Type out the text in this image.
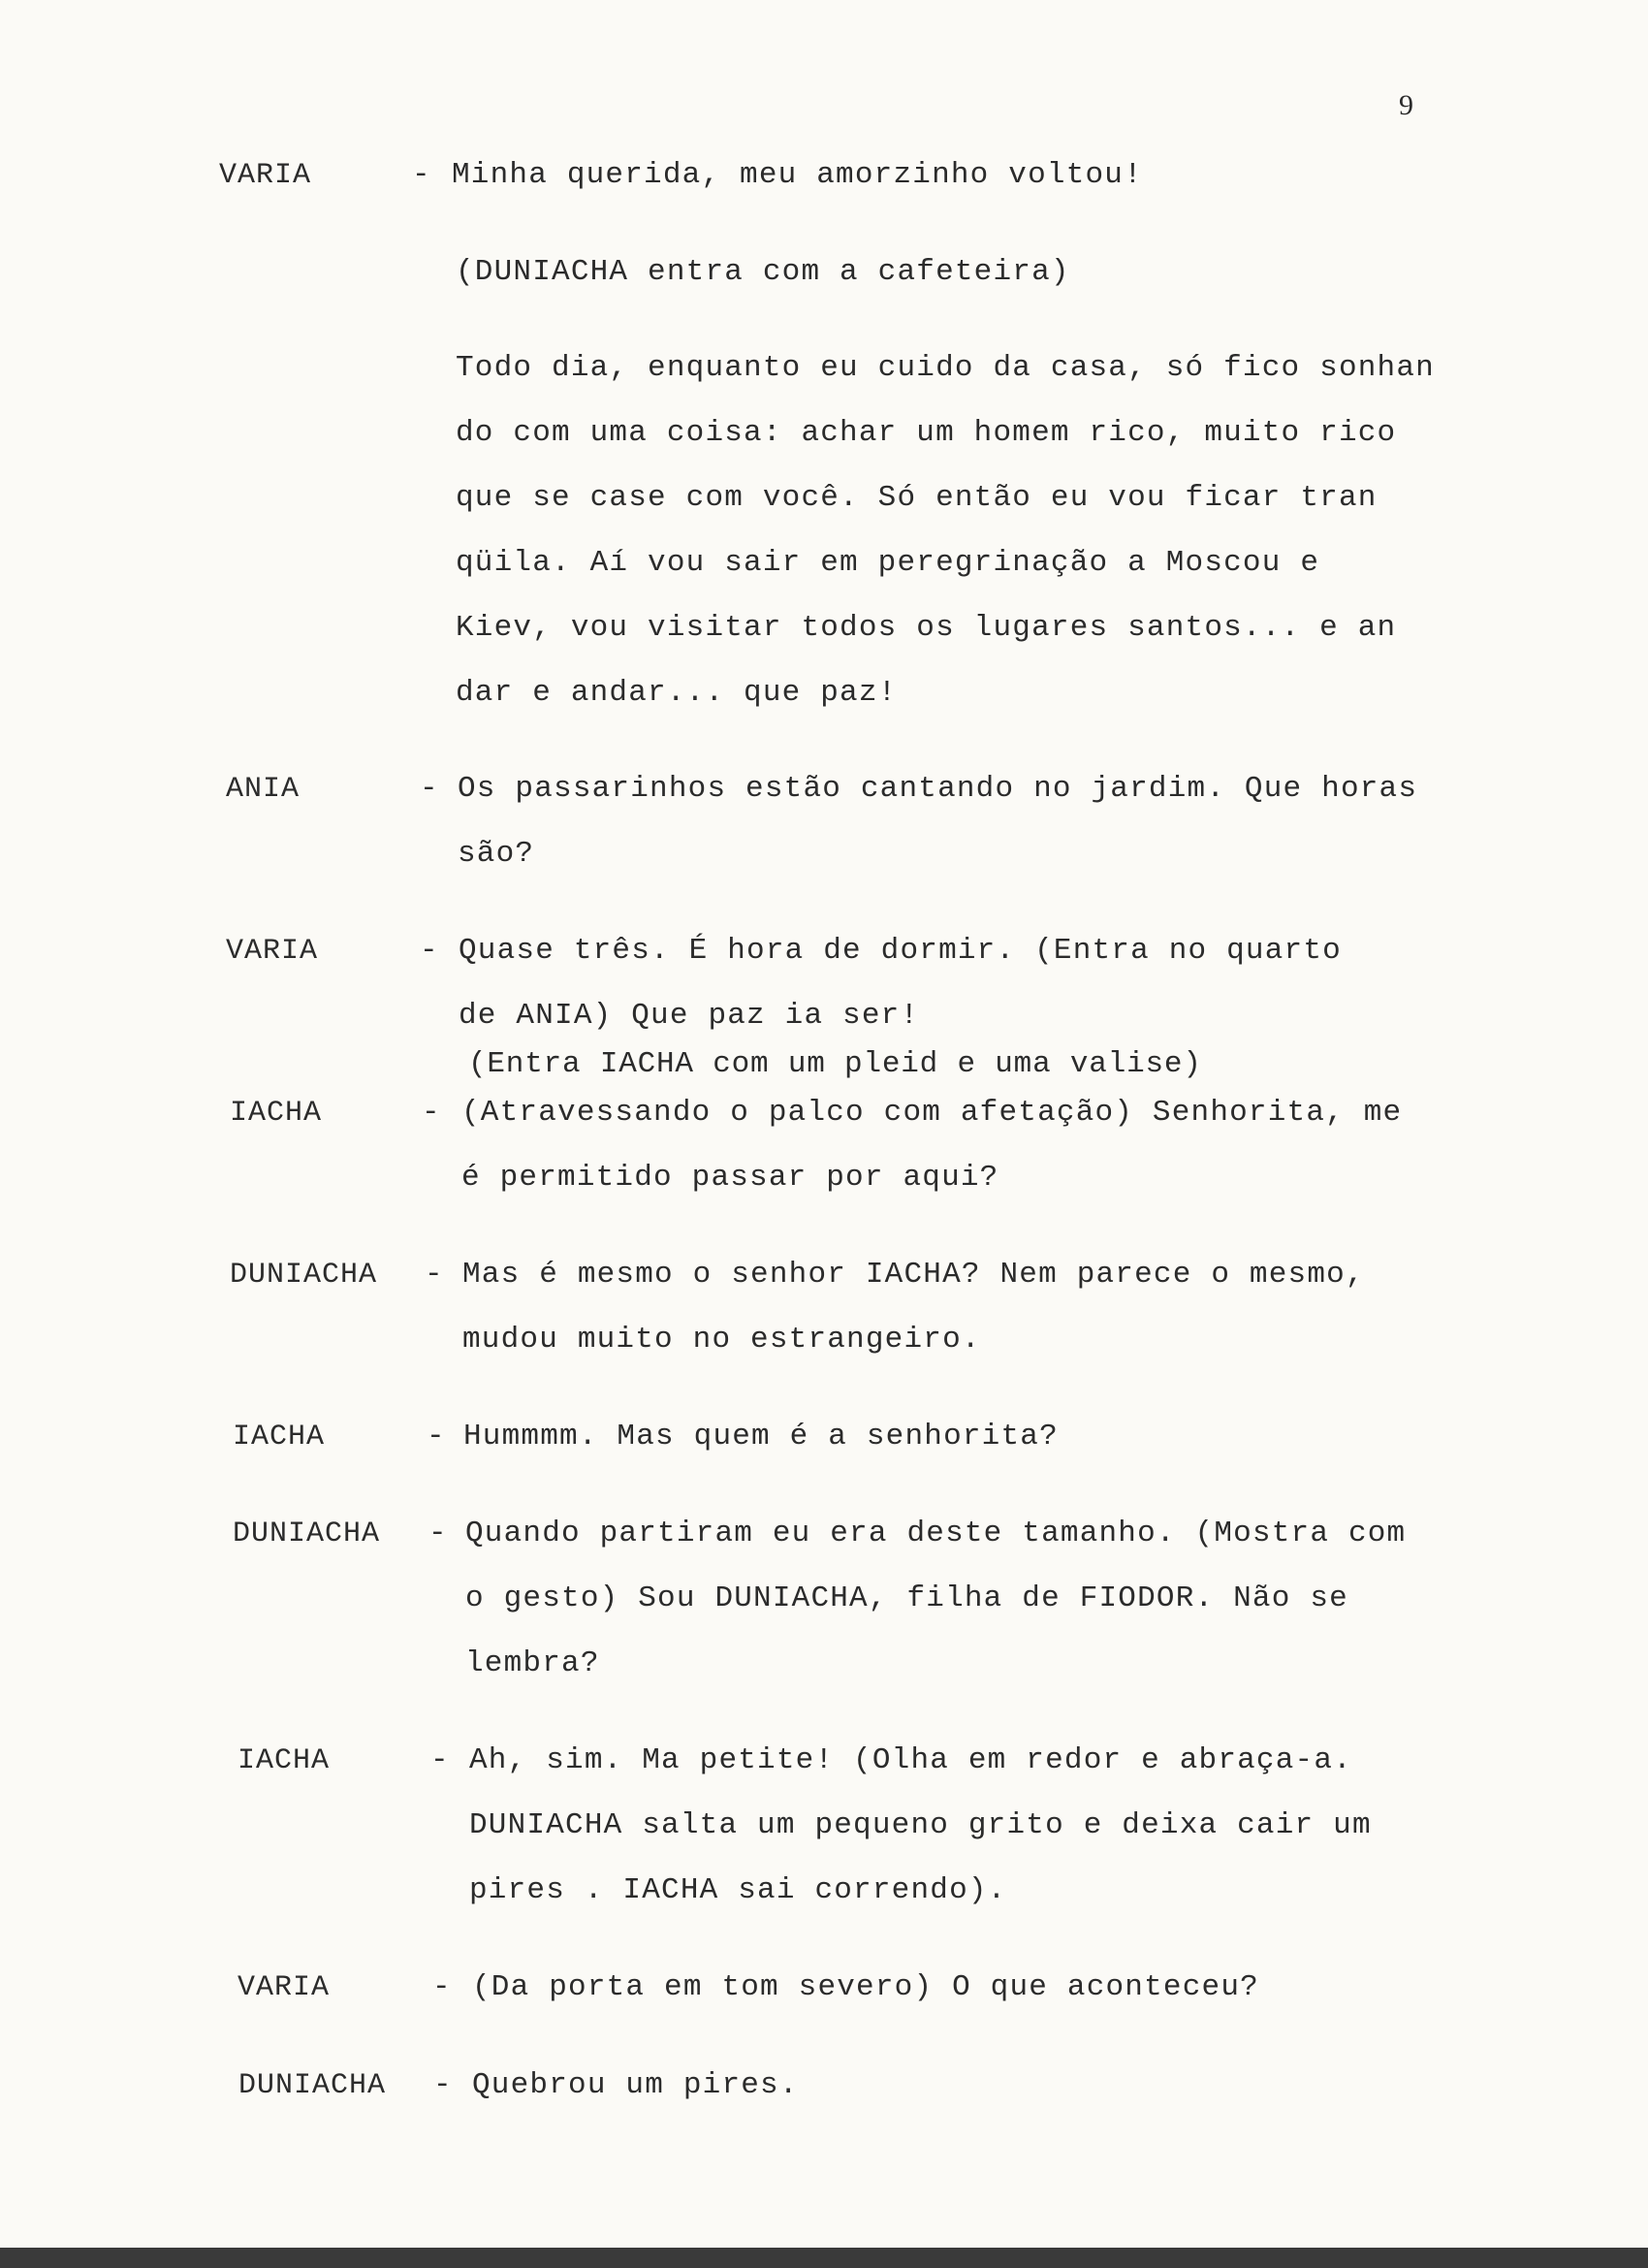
9
VARIA	- Minha querida, meu amorzinho voltou!
(DUNIACHA entra com a cafeteira)
Todo dia, enquanto eu cuido da casa, só fico sonhan
do com uma coisa: achar um homem rico, muito rico
que se case com você. Só então eu vou ficar tran
qüila. Aí vou sair em peregrinação a Moscou e
Kiev, vou visitar todos os lugares santos... e an
dar e andar... que paz!
ANIA	- Os passarinhos estão cantando no jardim. Que horas
são?
VARIA	- Quase três. É hora de dormir. (Entra no quarto
de ANIA) Que paz ia ser!
(Entra IACHA com um pleid e uma valise)
IACHA	- (Atravessando o palco com afetação) Senhorita, me
é permitido passar por aqui?
DUNIACHA - Mas é mesmo o senhor IACHA? Nem parece o mesmo,
mudou muito no estrangeiro.
IACHA	- Hummmm. Mas quem é a senhorita?
DUNIACHA - Quando partiram eu era deste tamanho. (Mostra com
o gesto) Sou DUNIACHA, filha de FIODOR. Não se
lembra?
IACHA	- Ah, sim. Ma petite! (Olha em redor e abraça-a.
DUNIACHA salta um pequeno grito e deixa cair um
pires . IACHA sai correndo).
VARIA	- (Da porta em tom severo) O que aconteceu?
DUNIACHA - Quebrou um pires.
